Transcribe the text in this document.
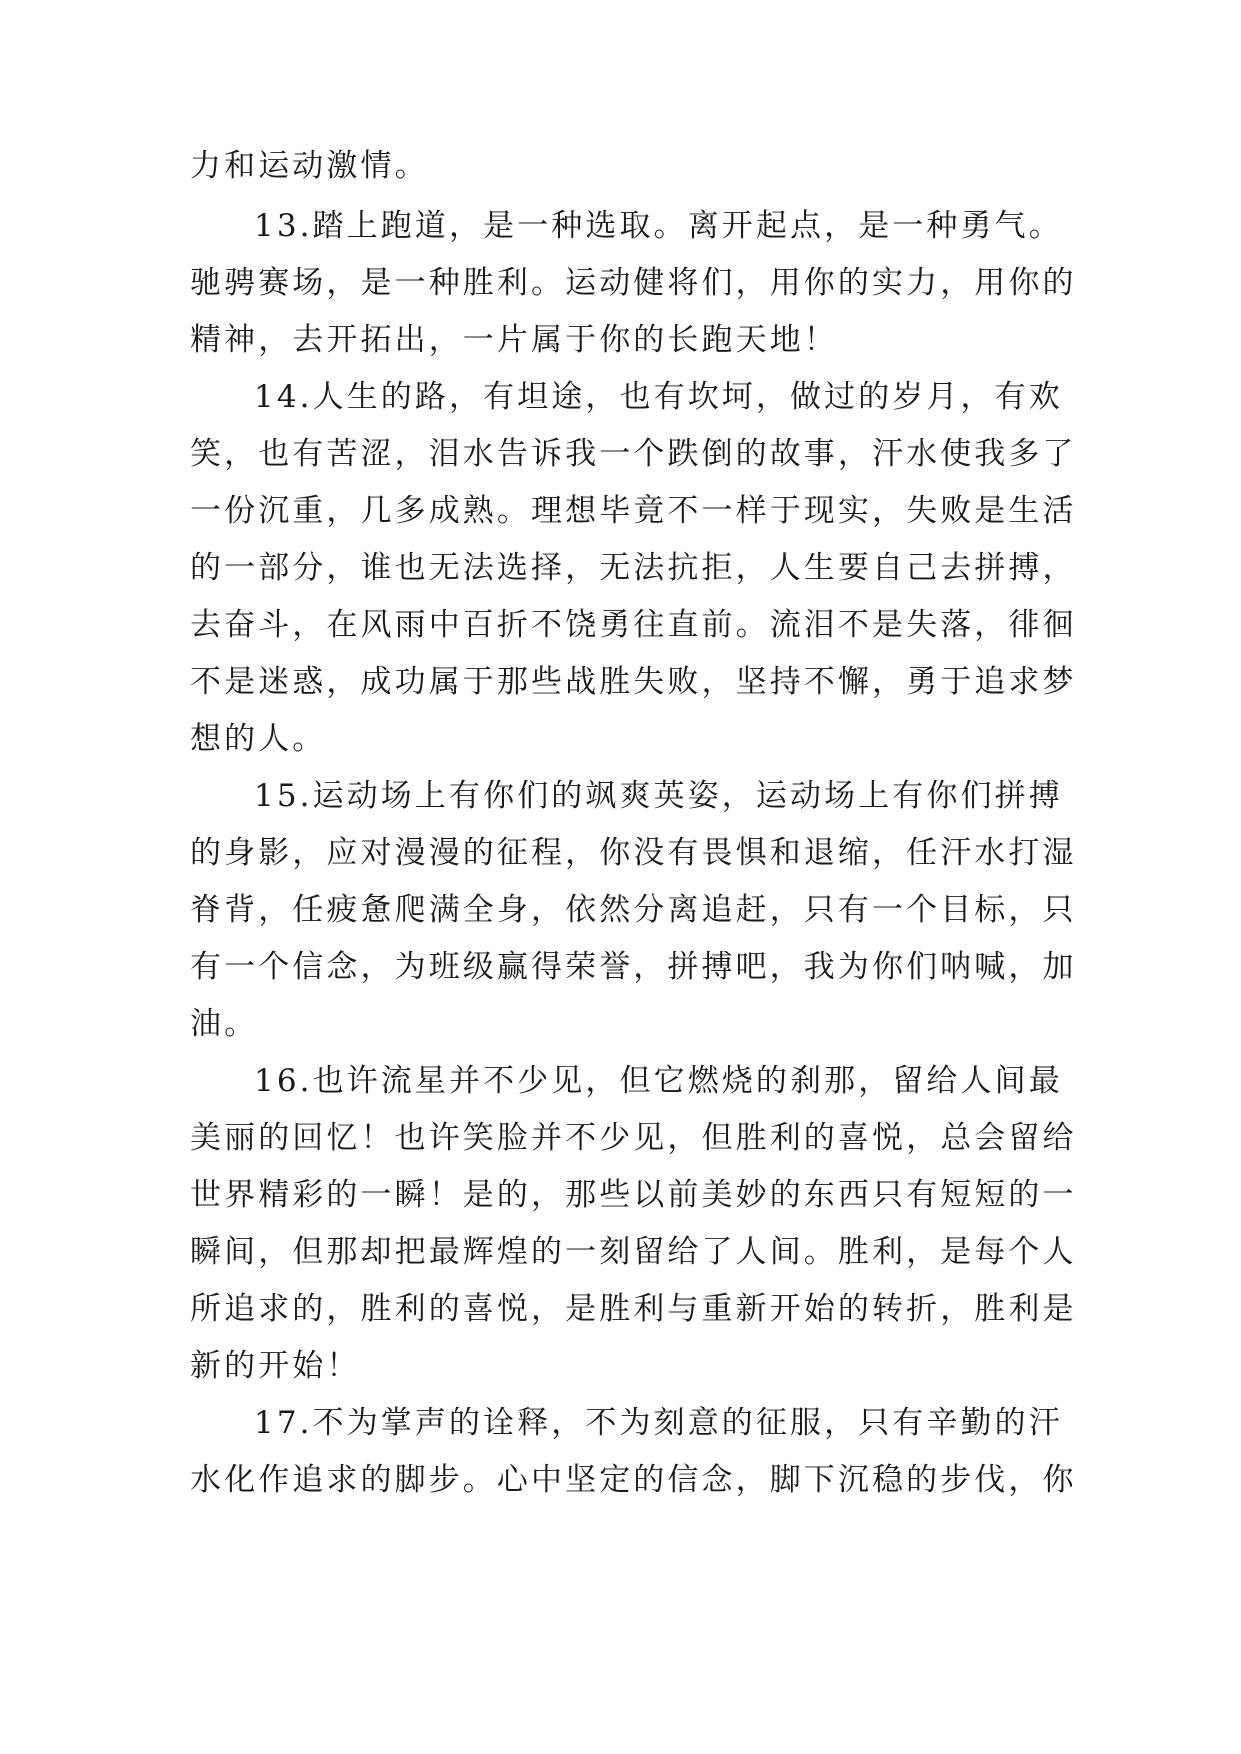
力和运动激情。
13.踏上跑道，是一种选取。离开起点，是一种勇气。
驰骋赛场，是一种胜利。运动健将们，用你的实力，用你的
精神，去开拓出，一片属于你的长跑天地！
14.人生的路，有坦途，也有坎坷，做过的岁月，有欢
笑，也有苦涩，泪水告诉我一个跌倒的故事，汗水使我多了
一份沉重，几多成熟。理想毕竟不一样于现实，失败是生活
的一部分，谁也无法选择，无法抗拒，人生要自己去拼搏，
去奋斗，在风雨中百折不饶勇往直前。流泪不是失落，徘徊
不是迷惑，成功属于那些战胜失败，坚持不懈，勇于追求梦
想的人。
15.运动场上有你们的飒爽英姿，运动场上有你们拼搏
的身影，应对漫漫的征程，你没有畏惧和退缩，任汗水打湿
脊背，任疲惫爬满全身，依然分离追赶，只有一个目标，只
有一个信念，为班级赢得荣誉，拼搏吧，我为你们呐喊，加
油。
16.也许流星并不少见，但它燃烧的刹那，留给人间最
美丽的回忆！也许笑脸并不少见，但胜利的喜悦，总会留给
世界精彩的一瞬！是的，那些以前美妙的东西只有短短的一
瞬间，但那却把最辉煌的一刻留给了人间。胜利，是每个人
所追求的，胜利的喜悦，是胜利与重新开始的转折，胜利是
新的开始！
17.不为掌声的诠释，不为刻意的征服，只有辛勤的汗
水化作追求的脚步。心中坚定的信念，脚下沉稳的步伐，你
